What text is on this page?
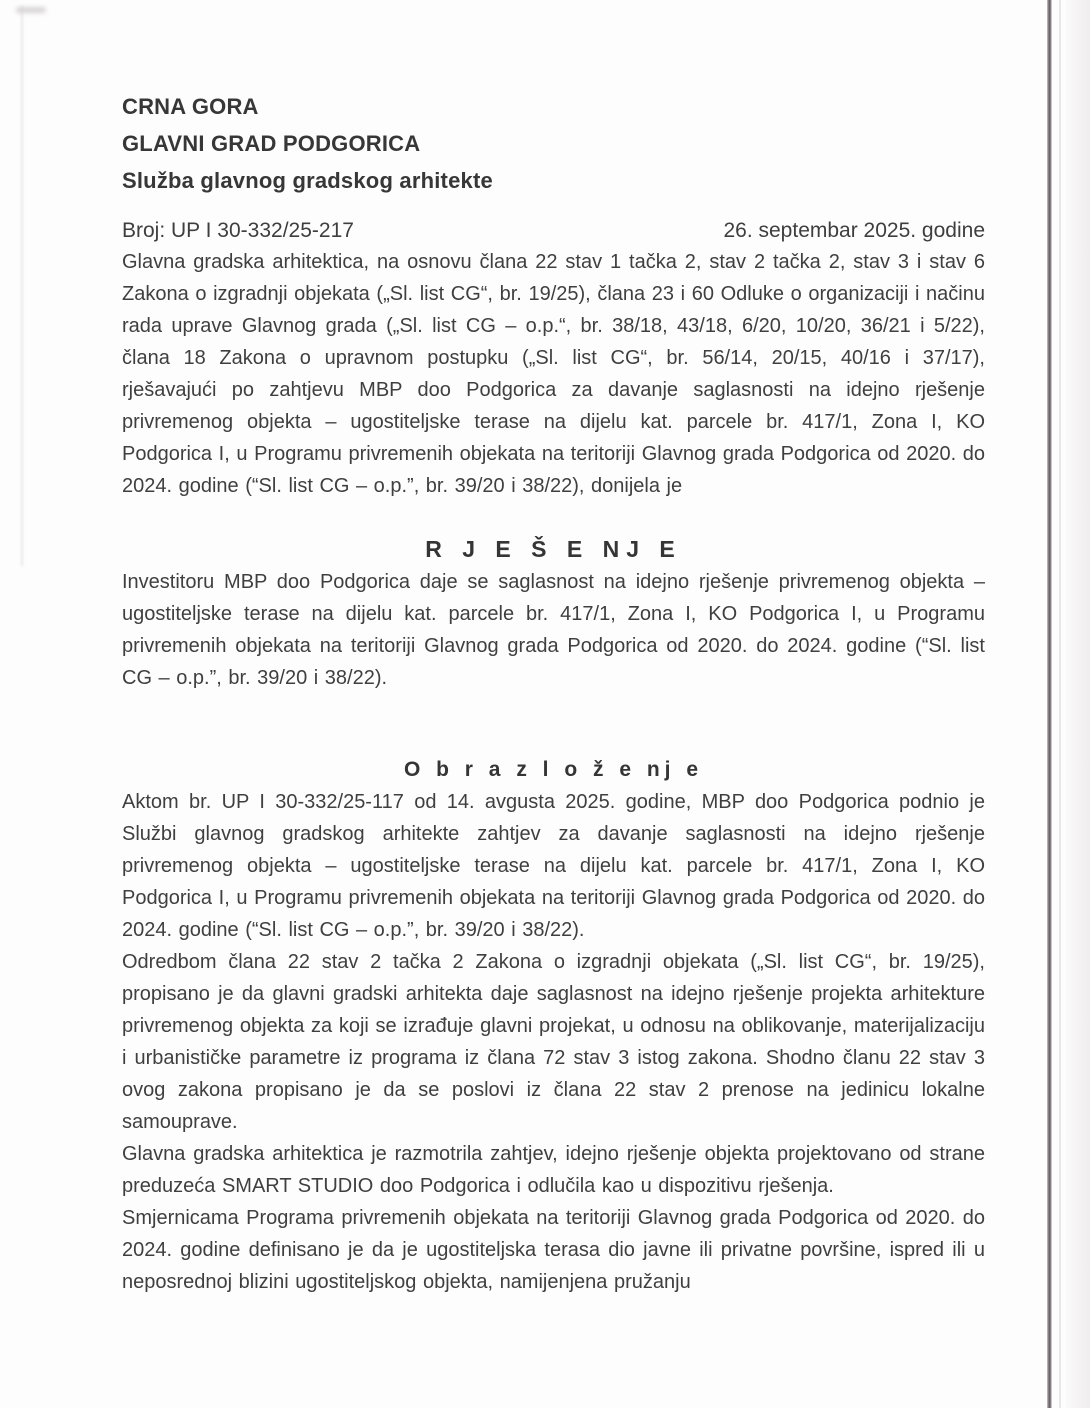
CRNA GORA
GLAVNI GRAD PODGORICA
Služba glavnog gradskog arhitekte
Broj: UP I 30-332/25-217	26. septembar 2025. godine

Glavna gradska arhitektica, na osnovu člana 22 stav 1 tačka 2, stav 2 tačka 2, stav 3 i stav 6 Zakona o izgradnji objekata („Sl. list CG“, br. 19/25), člana 23 i 60 Odluke o organizaciji i načinu rada uprave Glavnog grada („Sl. list CG – o.p.“, br. 38/18, 43/18, 6/20, 10/20, 36/21 i 5/22), člana 18 Zakona o upravnom postupku („Sl. list CG“, br. 56/14, 20/15, 40/16 i 37/17), rješavajući po zahtjevu MBP doo Podgorica za davanje saglasnosti na idejno rješenje privremenog objekta – ugostiteljske terase na dijelu kat. parcele br. 417/1, Zona I, KO Podgorica I, u Programu privremenih objekata na teritoriji Glavnog grada Podgorica od 2020. do 2024. godine (“Sl. list CG – o.p.”, br. 39/20 i 38/22), donijela je

R J E Š E NJ E

Investitoru MBP doo Podgorica daje se saglasnost na idejno rješenje privremenog objekta – ugostiteljske terase na dijelu kat. parcele br. 417/1, Zona I, KO Podgorica I, u Programu privremenih objekata na teritoriji Glavnog grada Podgorica od 2020. do 2024. godine (“Sl. list CG – o.p.”, br. 39/20 i 38/22).

O b r a z l o ž e nj e

Aktom br. UP I 30-332/25-117 od 14. avgusta 2025. godine, MBP doo Podgorica podnio je Službi glavnog gradskog arhitekte zahtjev za davanje saglasnosti na idejno rješenje privremenog objekta – ugostiteljske terase na dijelu kat. parcele br. 417/1, Zona I, KO Podgorica I, u Programu privremenih objekata na teritoriji Glavnog grada Podgorica od 2020. do 2024. godine (“Sl. list CG – o.p.”, br. 39/20 i 38/22).

Odredbom člana 22 stav 2 tačka 2 Zakona o izgradnji objekata („Sl. list CG“, br. 19/25), propisano je da glavni gradski arhitekta daje saglasnost na idejno rješenje projekta arhitekture privremenog objekta za koji se izrađuje glavni projekat, u odnosu na oblikovanje, materijalizaciju i urbanističke parametre iz programa iz člana 72 stav 3 istog zakona. Shodno članu 22 stav 3 ovog zakona propisano je da se poslovi iz člana 22 stav 2 prenose na jedinicu lokalne samouprave.

Glavna gradska arhitektica je razmotrila zahtjev, idejno rješenje objekta projektovano od strane preduzeća SMART STUDIO doo Podgorica i odlučila kao u dispozitivu rješenja.

Smjernicama Programa privremenih objekata na teritoriji Glavnog grada Podgorica od 2020. do 2024. godine definisano je da je ugostiteljska terasa dio javne ili privatne površine, ispred ili u neposrednoj blizini ugostiteljskog objekta, namijenjena pružanju
